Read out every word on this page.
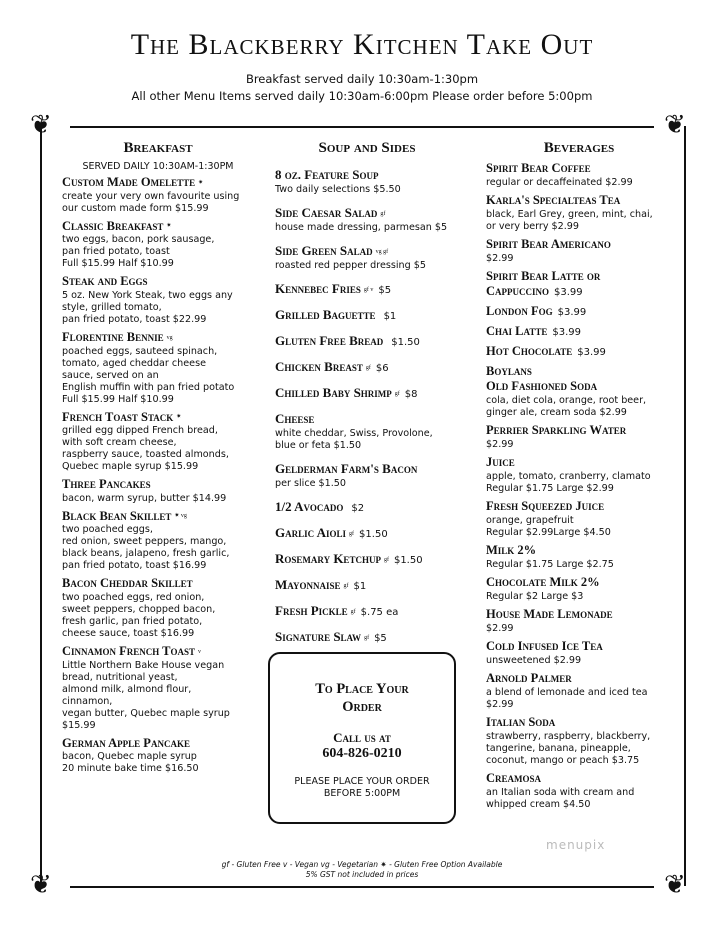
The Blackberry Kitchen Take Out
Breakfast served daily 10:30am-1:30pm
All other Menu Items served daily 10:30am-6:00pm Please order before 5:00pm
❦	❦
❦	❦
Breakfast
SERVED DAILY 10:30AM-1:30PM
Custom Made Omelette ✷
create your very own favourite using
our custom made form $15.99
Classic Breakfast ✷
two eggs, bacon, pork sausage,
pan fried potato, toast
Full $15.99 Half $10.99
Steak and Eggs
5 oz. New York Steak, two eggs any
style, grilled tomato,
pan fried potato, toast $22.99
Florentine Bennie vg
poached eggs, sauteed spinach,
tomato, aged cheddar cheese
sauce, served on an
English muffin with pan fried potato
Full $15.99 Half $10.99
French Toast Stack ✷
grilled egg dipped French bread,
with soft cream cheese,
raspberry sauce, toasted almonds,
Quebec maple syrup $15.99
Three Pancakes
bacon, warm syrup, butter $14.99
Black Bean Skillet ✷ vg
two poached eggs,
red onion, sweet peppers, mango,
black beans, jalapeno, fresh garlic,
pan fried potato, toast $16.99
Bacon Cheddar Skillet
two poached eggs, red onion,
sweet peppers, chopped bacon,
fresh garlic, pan fried potato,
cheese sauce, toast $16.99
Cinnamon French Toast v
Little Northern Bake House vegan
bread, nutritional yeast,
almond milk, almond flour,
cinnamon,
vegan butter, Quebec maple syrup
$15.99
German Apple Pancake
bacon, Quebec maple syrup
20 minute bake time $16.50
Soup and Sides
8 oz. Feature Soup
Two daily selections $5.50
Side Caesar Salad gf
house made dressing, parmesan $5
Side Green Salad vg gf
roasted red pepper dressing $5
Kennebec Fries gf v $5
Grilled Baguette $1
Gluten Free Bread $1.50
Chicken Breast gf $6
Chilled Baby Shrimp gf $8
Cheese
white cheddar, Swiss, Provolone,
blue or feta $1.50
Gelderman Farm's Bacon
per slice $1.50
1/2 Avocado $2
Garlic Aioli gf $1.50
Rosemary Ketchup gf $1.50
Mayonnaise gf $1
Fresh Pickle gf $.75 ea
Signature Slaw gf $5
To Place Your
Order
Call us at
604-826-0210
PLEASE PLACE YOUR ORDER
BEFORE 5:00PM
Beverages
Spirit Bear Coffee
regular or decaffeinated $2.99
Karla's Specialteas Tea
black, Earl Grey, green, mint, chai,
or very berry $2.99
Spirit Bear Americano
$2.99
Spirit Bear Latte or
Cappuccino $3.99
London Fog $3.99
Chai Latte $3.99
Hot Chocolate $3.99
Boylans
Old Fashioned Soda
cola, diet cola, orange, root beer,
ginger ale, cream soda $2.99
Perrier Sparkling Water
$2.99
Juice
apple, tomato, cranberry, clamato
Regular $1.75 Large $2.99
Fresh Squeezed Juice
orange, grapefruit
Regular $2.99Large $4.50
Milk 2%
Regular $1.75 Large $2.75
Chocolate Milk 2%
Regular $2 Large $3
House Made Lemonade
$2.99
Cold Infused Ice Tea
unsweetened $2.99
Arnold Palmer
a blend of lemonade and iced tea
$2.99
Italian Soda
strawberry, raspberry, blackberry,
tangerine, banana, pineapple,
coconut, mango or peach $3.75
Creamosa
an Italian soda with cream and
whipped cream $4.50
gf - Gluten Free v - Vegan vg - Vegetarian ✷ - Gluten Free Option Available
5% GST not included in prices
menupix
